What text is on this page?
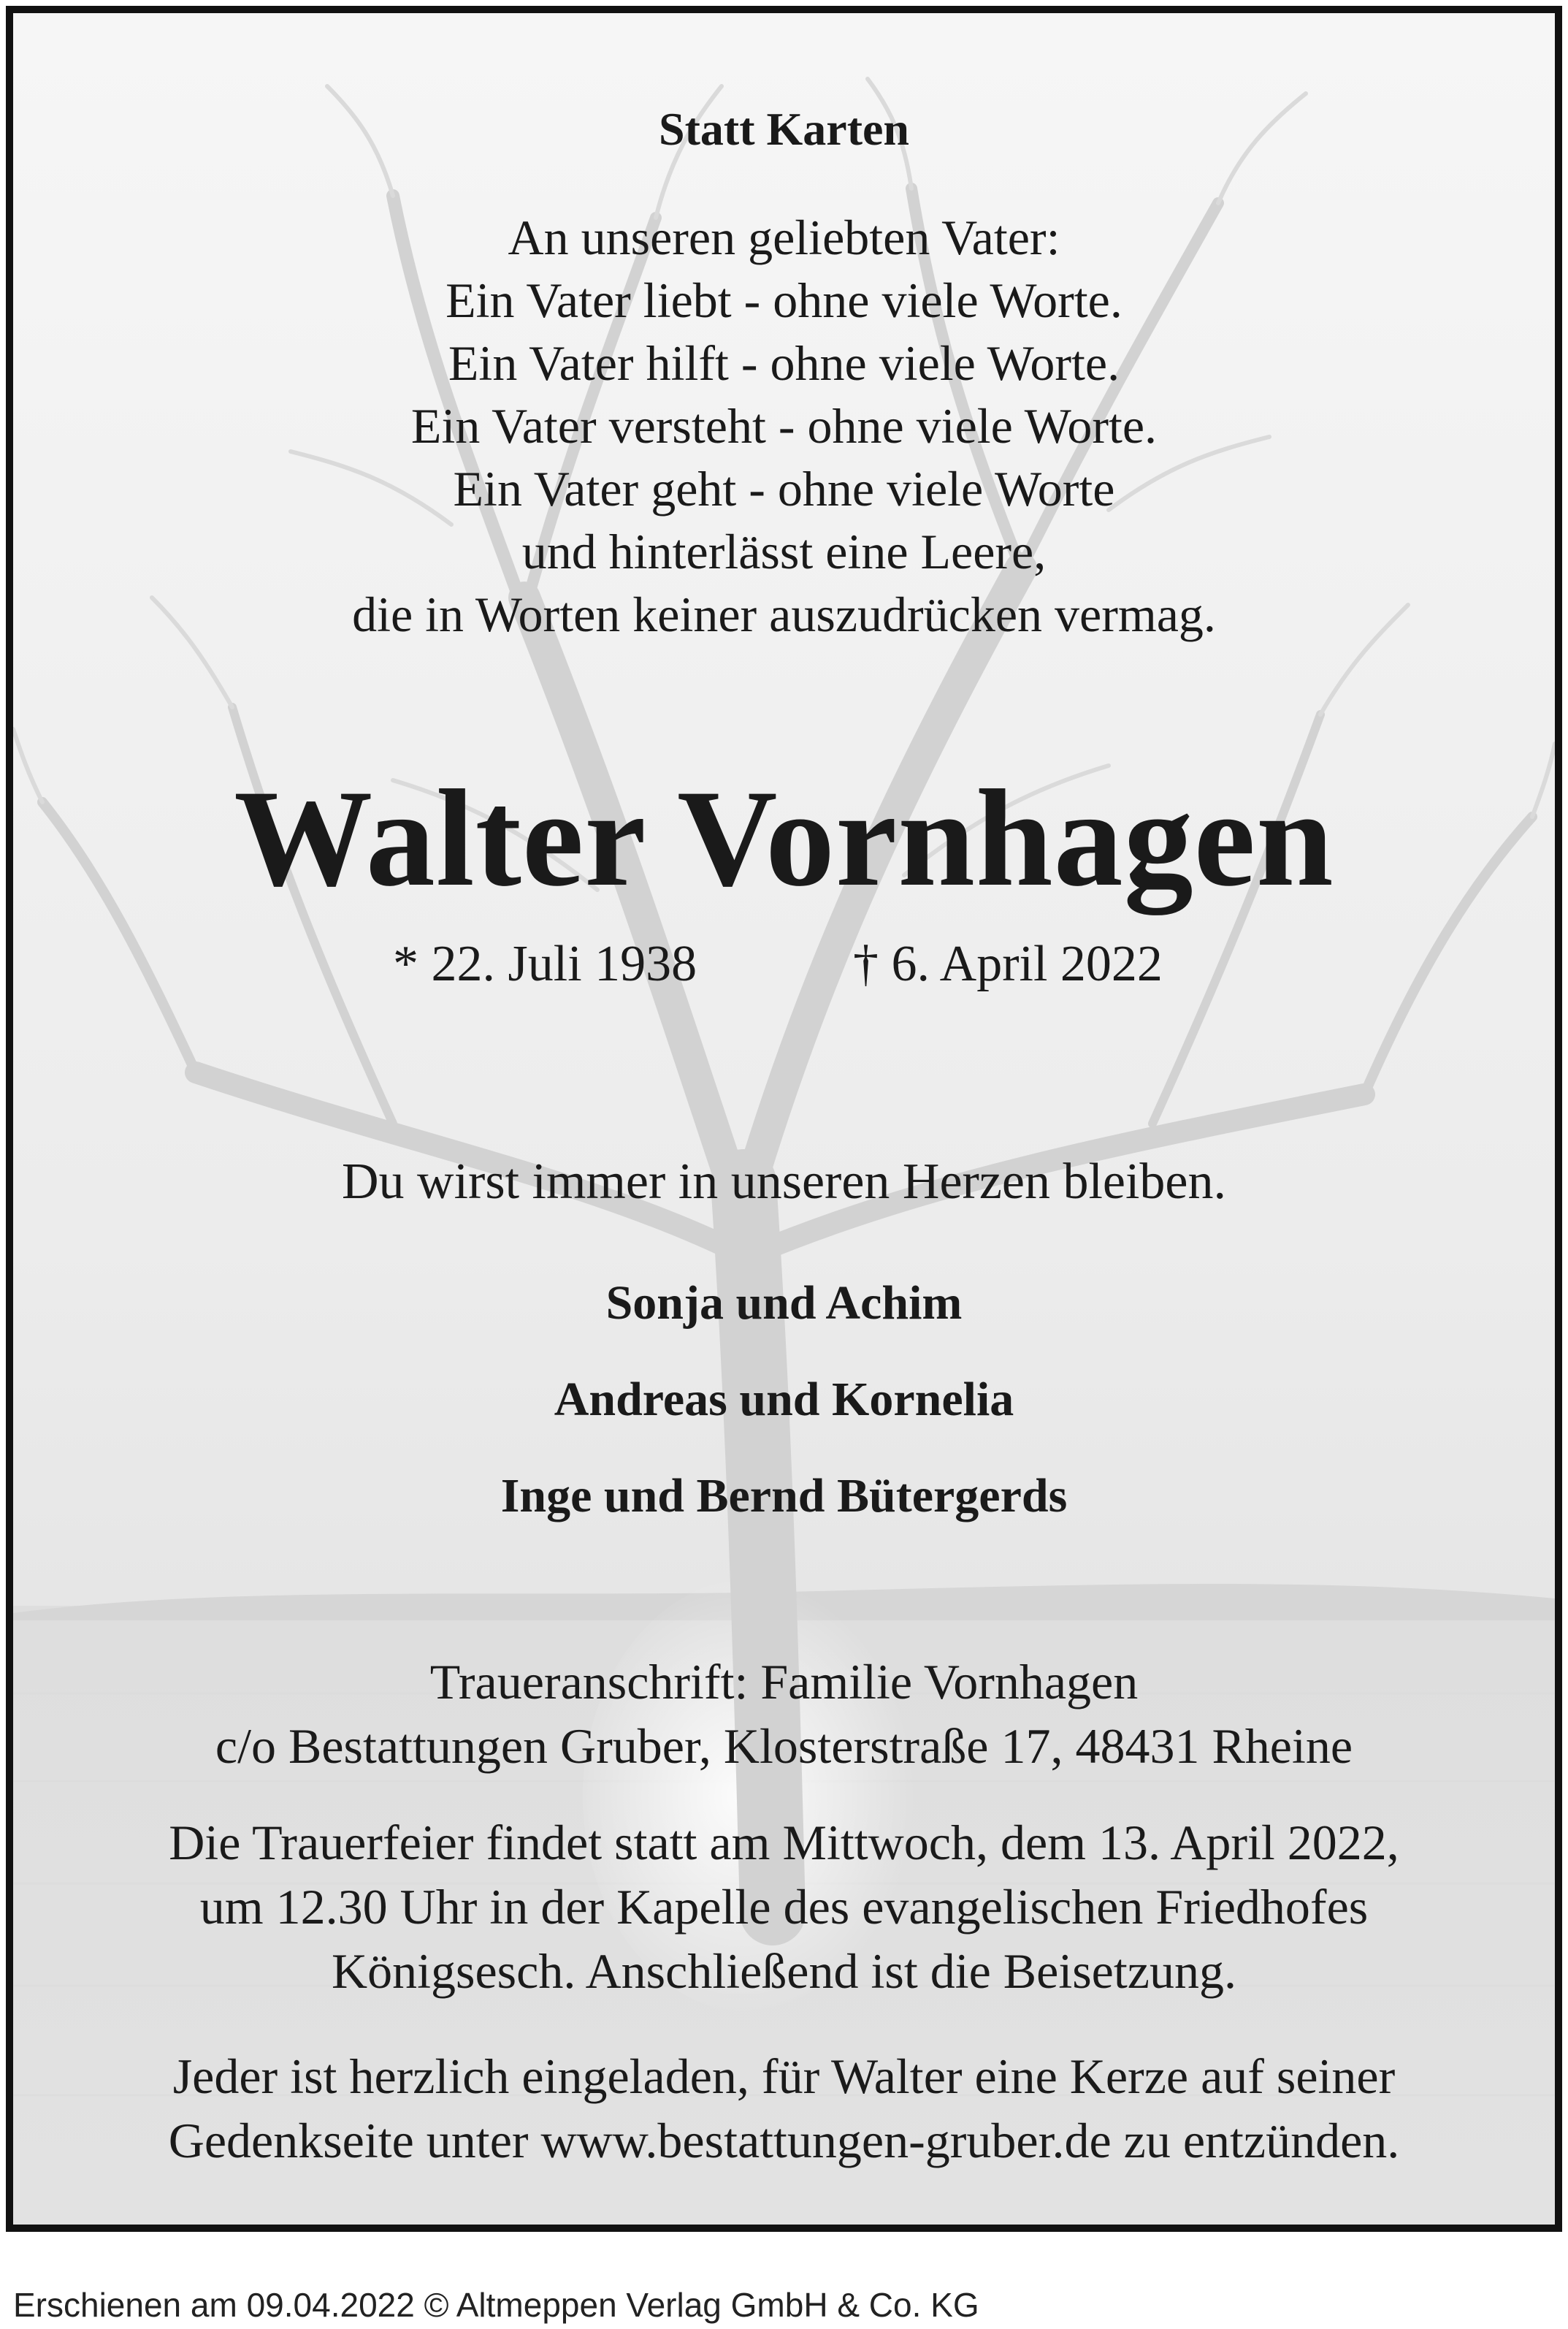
Statt Karten
An unseren geliebten Vater:
Ein Vater liebt - ohne viele Worte.
Ein Vater hilft - ohne viele Worte.
Ein Vater versteht - ohne viele Worte.
Ein Vater geht - ohne viele Worte
und hinterlässt eine Leere,
die in Worten keiner auszudrücken vermag.
Walter Vornhagen
* 22. Juli 1938	† 6. April 2022
Du wirst immer in unseren Herzen bleiben.
Sonja und Achim
Andreas und Kornelia
Inge und Bernd Bütergerds
Traueranschrift: Familie Vornhagen
c/o Bestattungen Gruber, Klosterstraße 17, 48431 Rheine
Die Trauerfeier findet statt am Mittwoch, dem 13. April 2022,
um 12.30 Uhr in der Kapelle des evangelischen Friedhofes
Königsesch. Anschließend ist die Beisetzung.
Jeder ist herzlich eingeladen, für Walter eine Kerze auf seiner
Gedenkseite unter www.bestattungen-gruber.de zu entzünden.
Erschienen am 09.04.2022 © Altmeppen Verlag GmbH & Co. KG
